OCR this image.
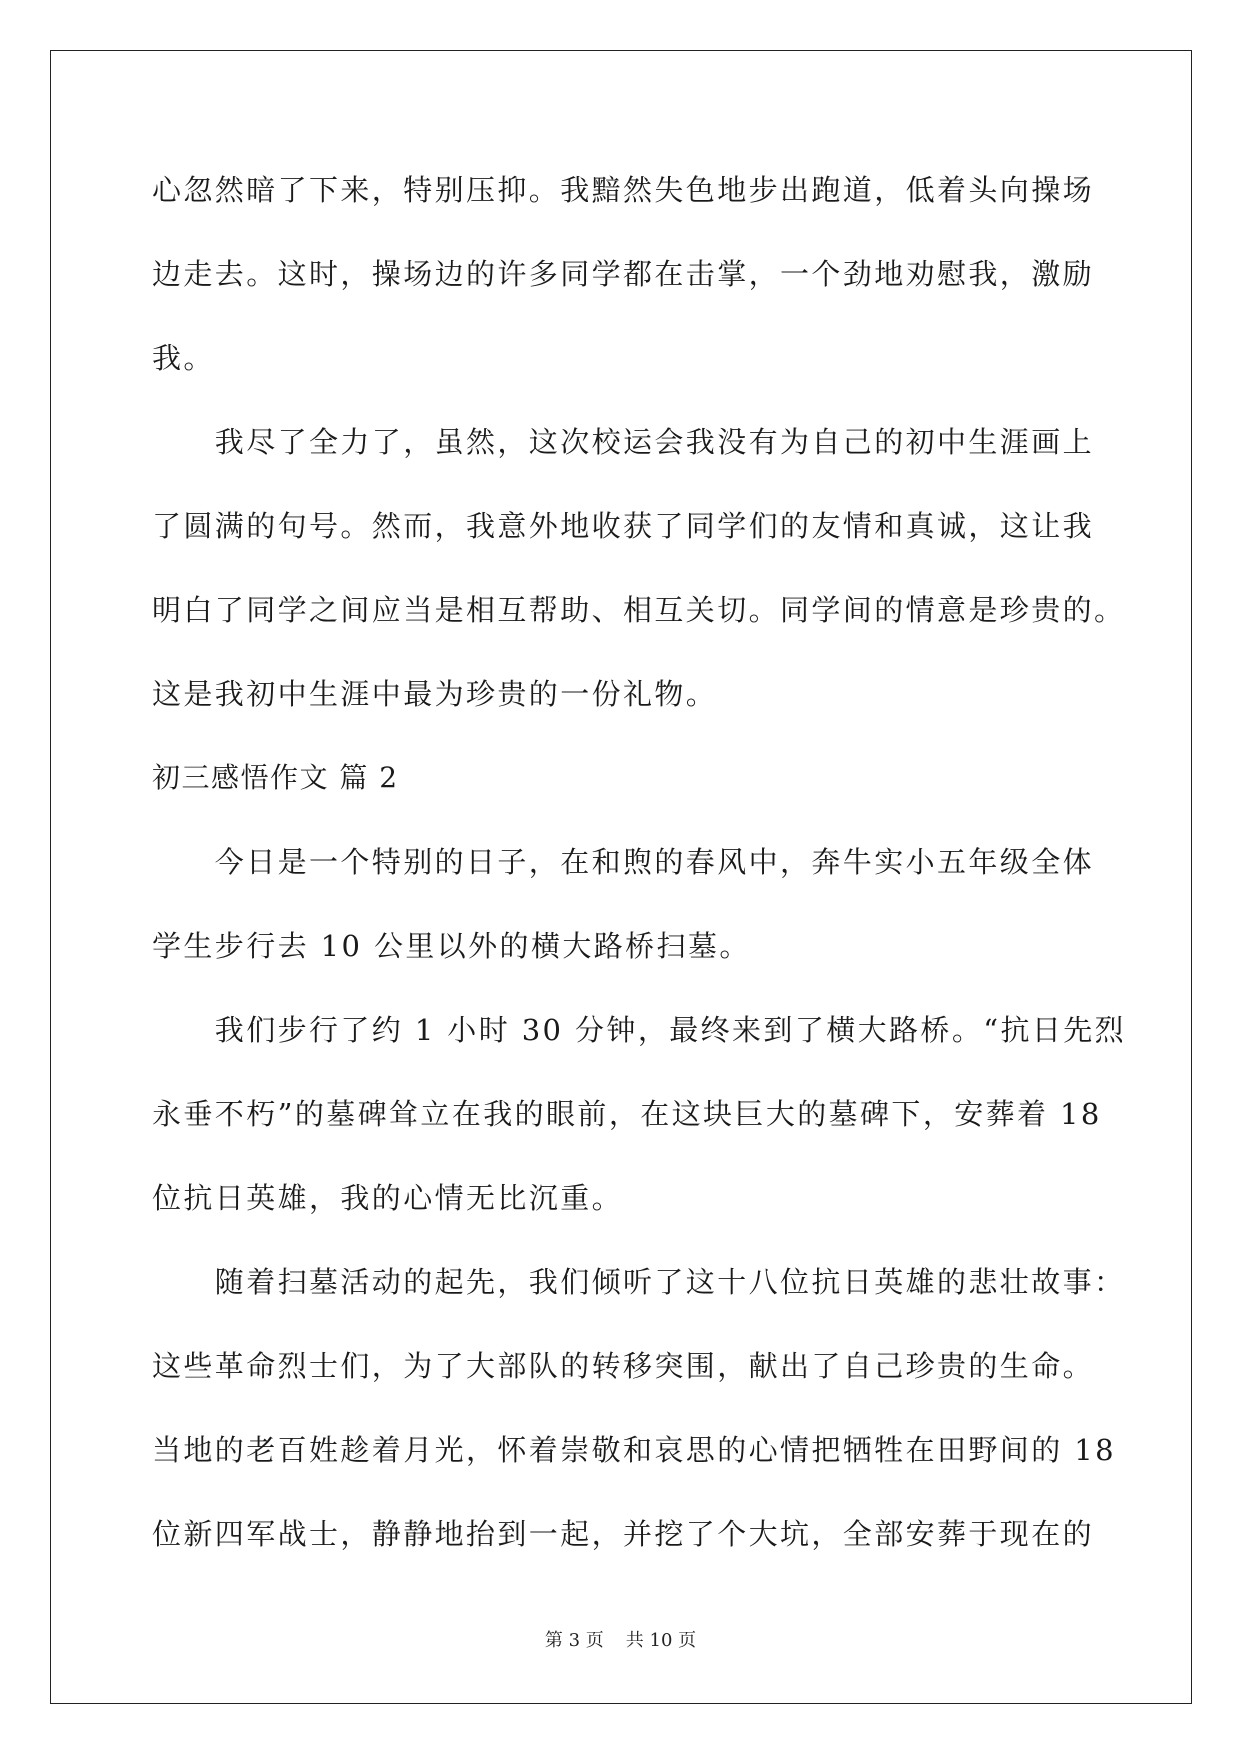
心忽然暗了下来，特别压抑。我黯然失色地步出跑道，低着头向操场
边走去。这时，操场边的许多同学都在击掌，一个劲地劝慰我，激励
我。
　　我尽了全力了，虽然，这次校运会我没有为自己的初中生涯画上
了圆满的句号。然而，我意外地收获了同学们的友情和真诚，这让我
明白了同学之间应当是相互帮助、相互关切。同学间的情意是珍贵的。
这是我初中生涯中最为珍贵的一份礼物。
初三感悟作文 篇 2
　　今日是一个特别的日子，在和煦的春风中，奔牛实小五年级全体
学生步行去 10 公里以外的横大路桥扫墓。
　　我们步行了约 1 小时 30 分钟，最终来到了横大路桥。“抗日先烈
永垂不朽”的墓碑耸立在我的眼前，在这块巨大的墓碑下，安葬着 18
位抗日英雄，我的心情无比沉重。
　　随着扫墓活动的起先，我们倾听了这十八位抗日英雄的悲壮故事：
这些革命烈士们，为了大部队的转移突围，献出了自己珍贵的生命。
当地的老百姓趁着月光，怀着崇敬和哀思的心情把牺牲在田野间的 18
位新四军战士，静静地抬到一起，并挖了个大坑，全部安葬于现在的
第 3 页 共 10 页
